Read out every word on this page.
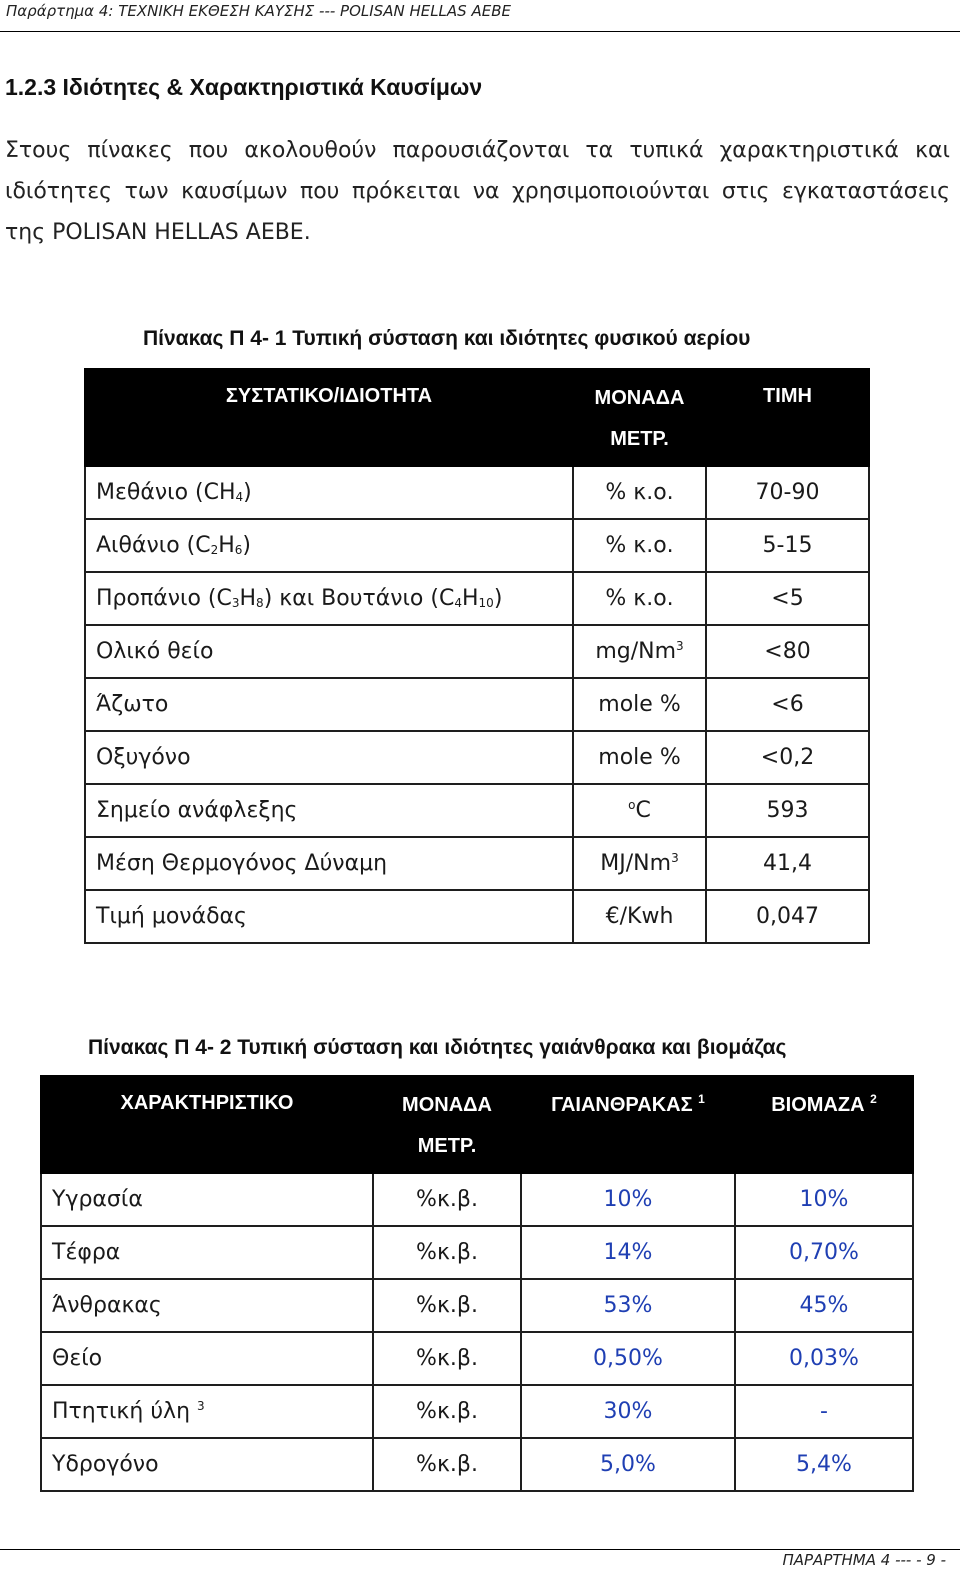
Παράρτημα 4: ΤΕΧΝΙΚΗ ΕΚΘΕΣΗ ΚΑΥΣΗΣ --- POLISAN HELLAS AEBE
1.2.3 Ιδιότητες & Χαρακτηριστικά Καυσίμων
Στους πίνακες που ακολουθούν παρουσιάζονται τα τυπικά χαρακτηριστικά και ιδιότητες των καυσίμων που πρόκειται να χρησιμοποιούνται στις εγκαταστάσεις της POLISAN HELLAS AEBE.
Πίνακας Π 4- 1 Τυπική σύσταση και ιδιότητες φυσικού αερίου
ΣΥΣΤΑΤΙΚΟ/ΙΔΙΟΤΗΤΑ	ΜΟΝΑΔΑ ΜΕΤΡ.	ΤΙΜΗ
Μεθάνιο $(CH_4)$	% κ.ο.	70-90
Αιθάνιο $(C_2H_6)$	% κ.ο.	5-15
Προπάνιο $(C_3H_8)$ και Βουτάνιο $(C_4H_{10})$	% κ.ο.	<5
Ολικό θείο	$mg/Nm^3$	<80
Άζωτο	mole %	<6
Οξυγόνο	mole %	<0,2
Σημείο ανάφλεξης	$^o$C	593
Μέση Θερμογόνος Δύναμη	MJ/Nm$^3$	41,4
Τιμή μονάδας	€/Kwh	0,047
Πίνακας Π 4- 2 Τυπική σύσταση και ιδιότητες γαιάνθρακα και βιομάζας
ΧΑΡΑΚΤΗΡΙΣΤΙΚΟ	ΜΟΝΑΔΑ ΜΕΤΡ.	ΓΑΙΑΝΘΡΑΚΑΣ $^1$	ΒΙΟΜΑΖΑ $^2$
Υγρασία	%κ.β.	10%	10%
Τέφρα	%κ.β.	14%	0,70%
Άνθρακας	%κ.β.	53%	45%
Θείο	%κ.β.	0,50%	0,03%
Πτητική ύλη $^3$	%κ.β.	30%	-
Υδρογόνο	%κ.β.	5,0%	5,4%
ΠΑΡΑΡΤΗΜΑ 4 --- - 9 -
